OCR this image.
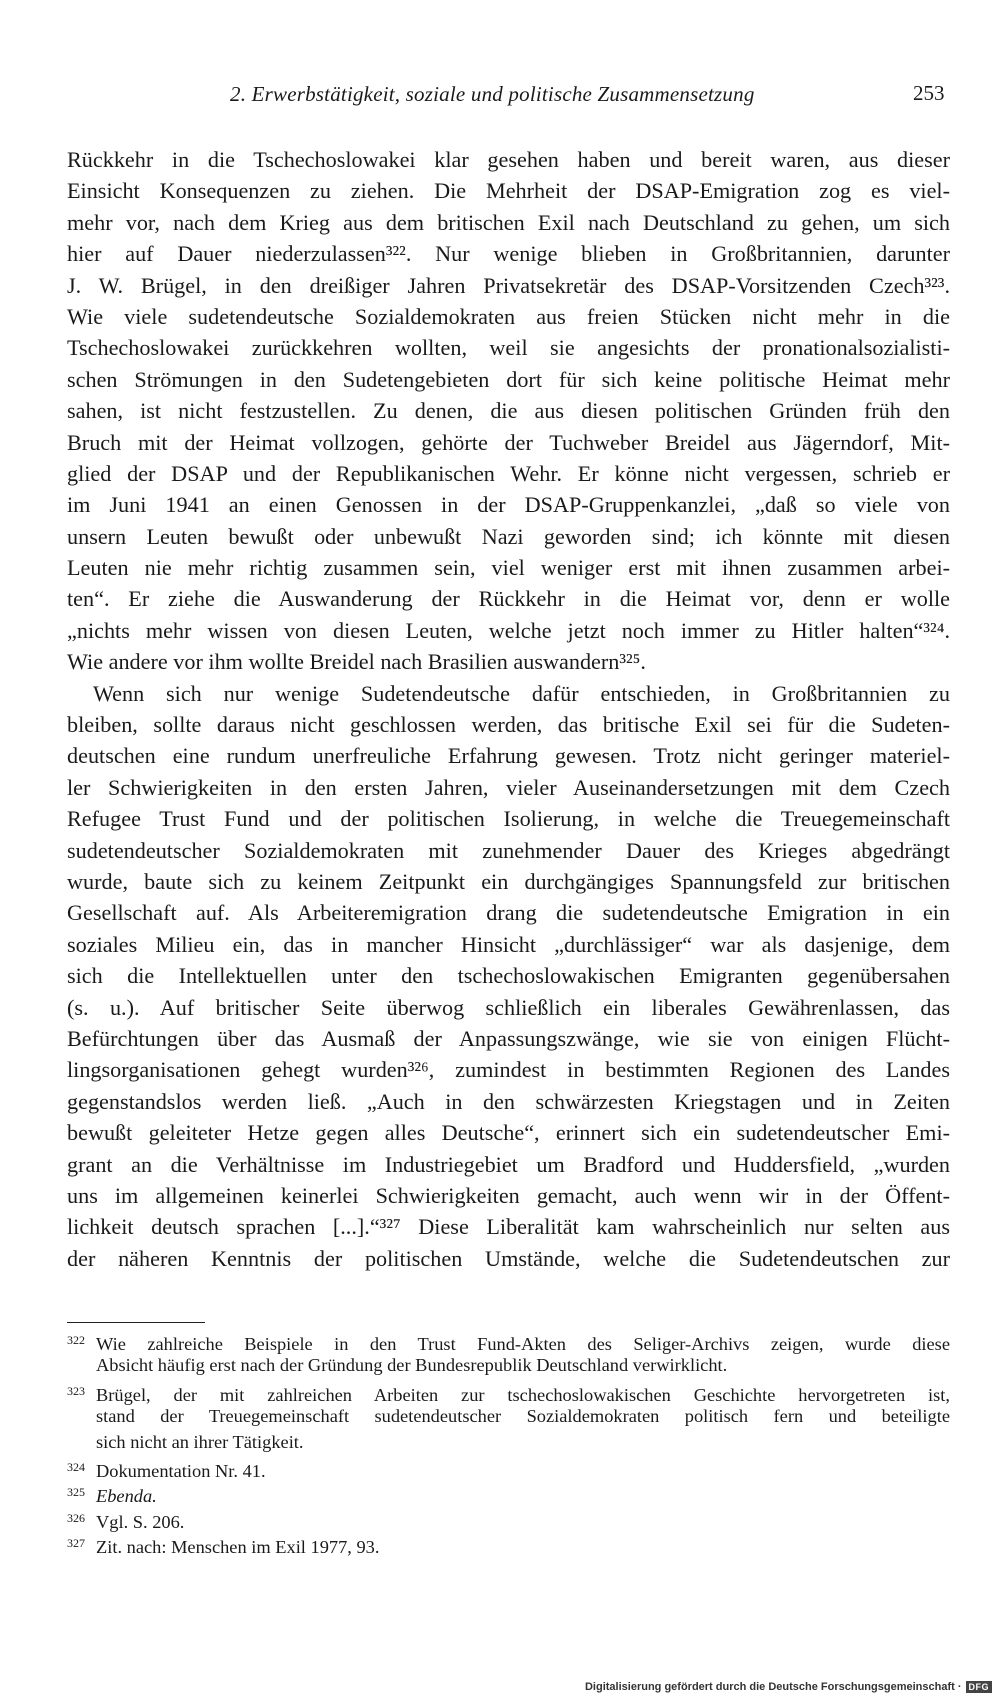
2. Erwerbstätigkeit, soziale und politische Zusammensetzung	253
Rückkehr in die Tschechoslowakei klar gesehen haben und bereit waren, aus dieser
Einsicht Konsequenzen zu ziehen. Die Mehrheit der DSAP-Emigration zog es viel-
mehr vor, nach dem Krieg aus dem britischen Exil nach Deutschland zu gehen, um sich
hier auf Dauer niederzulassen³²². Nur wenige blieben in Großbritannien, darunter
J. W. Brügel, in den dreißiger Jahren Privatsekretär des DSAP-Vorsitzenden Czech³²³.
Wie viele sudetendeutsche Sozialdemokraten aus freien Stücken nicht mehr in die
Tschechoslowakei zurückkehren wollten, weil sie angesichts der pronationalsozialisti-
schen Strömungen in den Sudetengebieten dort für sich keine politische Heimat mehr
sahen, ist nicht festzustellen. Zu denen, die aus diesen politischen Gründen früh den
Bruch mit der Heimat vollzogen, gehörte der Tuchweber Breidel aus Jägerndorf, Mit-
glied der DSAP und der Republikanischen Wehr. Er könne nicht vergessen, schrieb er
im Juni 1941 an einen Genossen in der DSAP-Gruppenkanzlei, „daß so viele von
unsern Leuten bewußt oder unbewußt Nazi geworden sind; ich könnte mit diesen
Leuten nie mehr richtig zusammen sein, viel weniger erst mit ihnen zusammen arbei-
ten“. Er ziehe die Auswanderung der Rückkehr in die Heimat vor, denn er wolle
„nichts mehr wissen von diesen Leuten, welche jetzt noch immer zu Hitler halten“³²⁴.
Wie andere vor ihm wollte Breidel nach Brasilien auswandern³²⁵.
Wenn sich nur wenige Sudetendeutsche dafür entschieden, in Großbritannien zu
bleiben, sollte daraus nicht geschlossen werden, das britische Exil sei für die Sudeten-
deutschen eine rundum unerfreuliche Erfahrung gewesen. Trotz nicht geringer materiel-
ler Schwierigkeiten in den ersten Jahren, vieler Auseinandersetzungen mit dem Czech
Refugee Trust Fund und der politischen Isolierung, in welche die Treuegemeinschaft
sudetendeutscher Sozialdemokraten mit zunehmender Dauer des Krieges abgedrängt
wurde, baute sich zu keinem Zeitpunkt ein durchgängiges Spannungsfeld zur britischen
Gesellschaft auf. Als Arbeiteremigration drang die sudetendeutsche Emigration in ein
soziales Milieu ein, das in mancher Hinsicht „durchlässiger“ war als dasjenige, dem
sich die Intellektuellen unter den tschechoslowakischen Emigranten gegenübersahen
(s. u.). Auf britischer Seite überwog schließlich ein liberales Gewährenlassen, das
Befürchtungen über das Ausmaß der Anpassungszwänge, wie sie von einigen Flücht-
lingsorganisationen gehegt wurden³²⁶, zumindest in bestimmten Regionen des Landes
gegenstandslos werden ließ. „Auch in den schwärzesten Kriegstagen und in Zeiten
bewußt geleiteter Hetze gegen alles Deutsche“, erinnert sich ein sudetendeutscher Emi-
grant an die Verhältnisse im Industriegebiet um Bradford und Huddersfield, „wurden
uns im allgemeinen keinerlei Schwierigkeiten gemacht, auch wenn wir in der Öffent-
lichkeit deutsch sprachen [...].“³²⁷ Diese Liberalität kam wahrscheinlich nur selten aus
der näheren Kenntnis der politischen Umstände, welche die Sudetendeutschen zur
322 Wie zahlreiche Beispiele in den Trust Fund-Akten des Seliger-Archivs zeigen, wurde diese
Absicht häufig erst nach der Gründung der Bundesrepublik Deutschland verwirklicht.
323 Brügel, der mit zahlreichen Arbeiten zur tschechoslowakischen Geschichte hervorgetreten ist,
stand der Treuegemeinschaft sudetendeutscher Sozialdemokraten politisch fern und beteiligte
sich nicht an ihrer Tätigkeit.
324 Dokumentation Nr. 41.
325 Ebenda.
326 Vgl. S. 206.
327 Zit. nach: Menschen im Exil 1977, 93.
Digitalisierung gefördert durch die Deutsche Forschungsgemeinschaft · DFG
